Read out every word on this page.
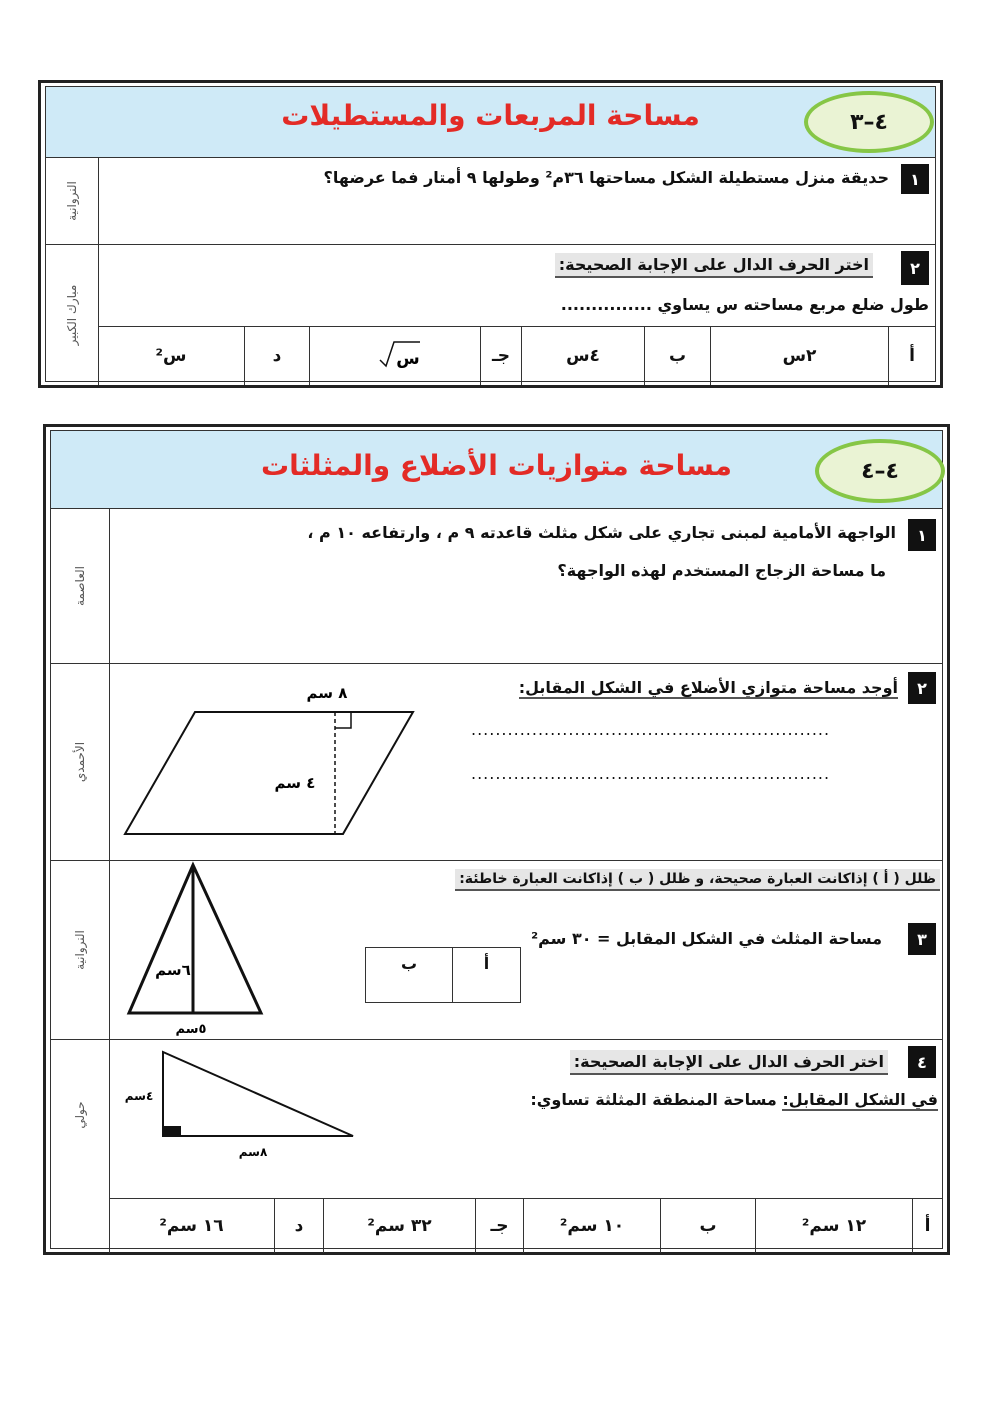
مساحة المربعات والمستطيلات	٤–٣
النروانية
١
حديقة منزل مستطيلة الشكل مساحتها ٣٦م² وطولها ٩ أمتار فما عرضها؟
مبارك الكبير
٢
اختر الحرف الدال على الإجابة الصحيحة:
طول ضلع مربع مساحته س يساوي ...............
س²	د	س	جـ	٤س	ب	٢س	أ
مساحة متوازيات الأضلاع والمثلثات	٤–٤
العاصمة
١
الواجهة الأمامية لمبنى تجاري على شكل مثلث قاعدته ٩ م ، وارتفاعه ١٠ م ،
ما مساحة الزجاج المستخدم لهذه الواجهة؟
الأحمدي
٢
أوجد مساحة متوازي الأضلاع في الشكل المقابل:
...........................................................
...........................................................
٨ سم
٤ سم
النروانية
ظلل ( أ ) إذاكانت العبارة صحيحة، و ظلل ( ب ) إذاكانت العبارة خاطئة:
٣
مساحة المثلث في الشكل المقابل = ٣٠ سم²
ب	أ
٦سم
٥سم
حولي
٤
اختر الحرف الدال على الإجابة الصحيحة:
في الشكل المقابل: مساحة المنطقة المثلثة تساوي:
٤سم
٨سم
١٦ سم²	د	٣٢ سم²	جـ	١٠ سم²	ب	١٢ سم²	أ
